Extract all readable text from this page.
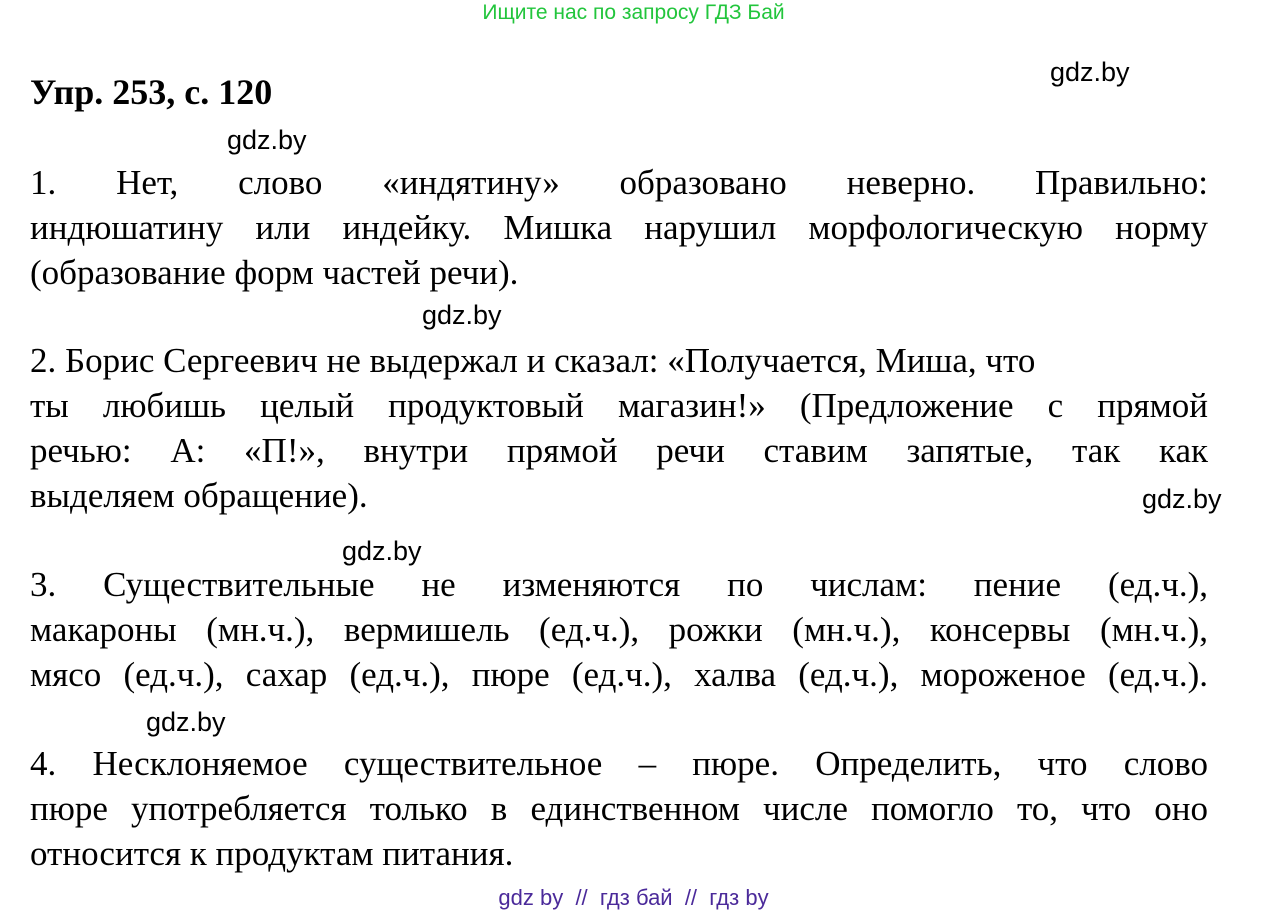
Ищите нас по запросу ГДЗ Бай
Упр. 253, с. 120	gdz.by
gdz.by
1. Нет, слово «индятину» образовано неверно. Правильно:
индюшатину или индейку. Мишка нарушил морфологическую норму
(образование форм частей речи).
gdz.by
2. Борис Сергеевич не выдержал и сказал: «Получается, Миша, что
ты любишь целый продуктовый магазин!» (Предложение с прямой
речью: А: «П!», внутри прямой речи ставим запятые, так как
выделяем обращение).	gdz.by
gdz.by
3. Существительные не изменяются по числам: пение (ед.ч.),
макароны (мн.ч.), вермишель (ед.ч.), рожки (мн.ч.), консервы (мн.ч.),
мясо (ед.ч.), сахар (ед.ч.), пюре (ед.ч.), халва (ед.ч.), мороженое (ед.ч.).
gdz.by
4. Несклоняемое существительное – пюре. Определить, что слово
пюре употребляется только в единственном числе помогло то, что оно
относится к продуктам питания.
gdz by  //  гдз бай  //  гдз by
